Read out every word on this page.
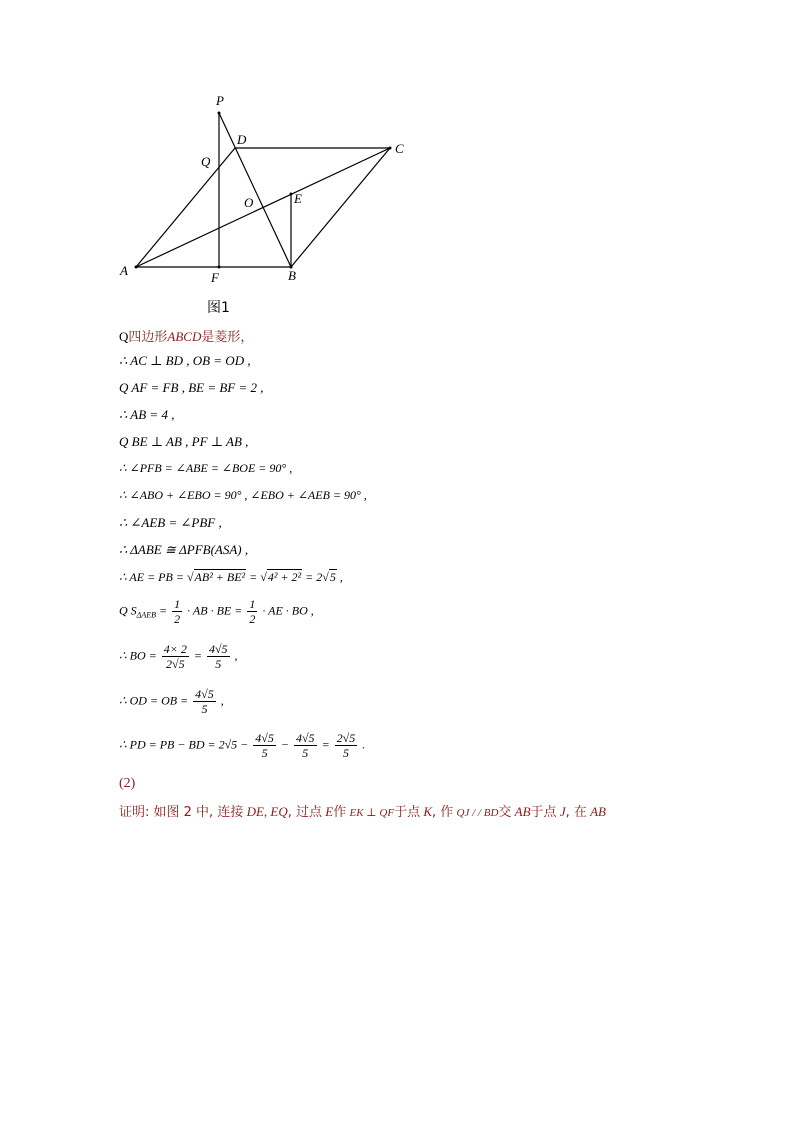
P
D
C
Q
O	E
A	F	B
图1
Q四边形ABCD是菱形，
∴ AC ⊥ BD , OB = OD ,
Q AF = FB , BE = BF = 2 ,
∴ AB = 4 ,
Q BE ⊥ AB , PF ⊥ AB ,
∴ ∠PFB = ∠ABE = ∠BOE = 90° ,
∴ ∠ABO + ∠EBO = 90° , ∠EBO + ∠AEB = 90° ,
∴ ∠AEB = ∠PBF ,
∴ ΔABE ≅ ΔPFB(ASA) ,
∴ AE = PB = √AB² + BE² = √4² + 2² = 2√5 ,
Q $S_{\Delta AEB} = \frac{1}{2}$ · AB · BE = $\frac{1}{2}$ · AE · BO ,
∴ BO = $\frac{4\times 2}{2√5} = \frac{4√5}{5}$ ,
∴ OD = OB = $\frac{4√5}{5}$ ,
∴ PD = PB − BD = $2√5 - \frac{4√5}{5} - \frac{4√5}{5} = \frac{2√5}{5}$ .
(2)
证明: 如图 2 中, 连接 DE, EQ, 过点 E作 EK ⊥ QF于点 K, 作 QJ / / BD交 AB于点 J, 在 AB
